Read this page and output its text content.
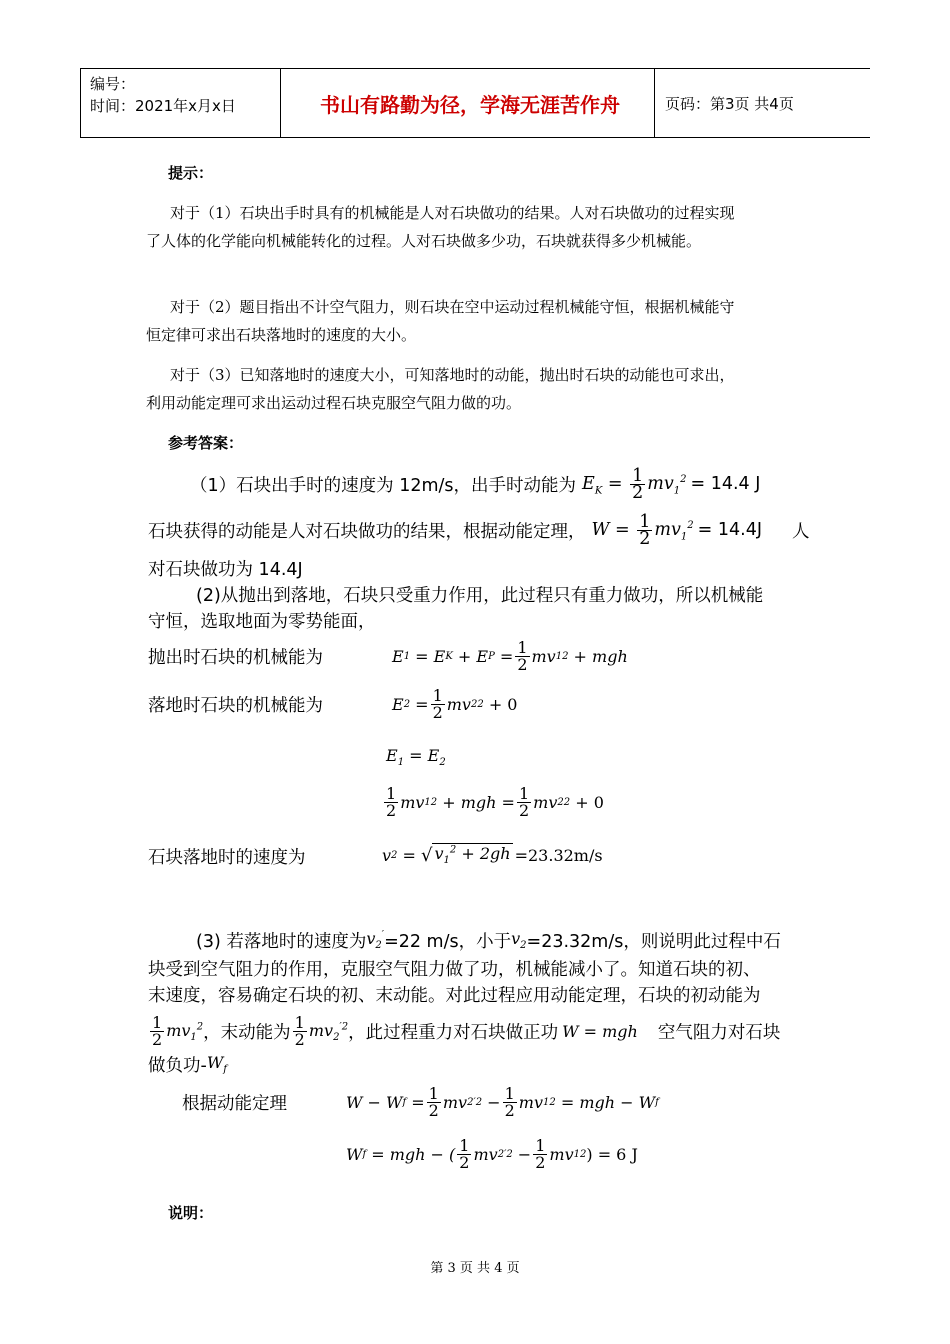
编号：
时间：2021年x月x日	书山有路勤为径，学海无涯苦作舟	页码：第3页 共4页
提示：
对于（1）石块出手时具有的机械能是人对石块做功的结果。人对石块做功的过程实现
了人体的化学能向机械能转化的过程。人对石块做多少功，石块就获得多少机械能。
对于（2）题目指出不计空气阻力，则石块在空中运动过程机械能守恒，根据机械能守
恒定律可求出石块落地时的速度的大小。
对于（3）已知落地时的速度大小，可知落地时的动能，抛出时石块的动能也可求出，
利用动能定理可求出运动过程石块克服空气阻力做的功。
参考答案：
（1）石块出手时的速度为 12m/s，出手时动能为 $E_K = \frac{1}{2} mv_1^2 = 14.4$ J
石块获得的动能是人对石块做功的结果，根据动能定理， $W = \frac{1}{2} mv_1^2 = 14.4J$ 人
对石块做功为 14.4J
(2)从抛出到落地，石块只受重力作用，此过程只有重力做功，所以机械能
守恒，选取地面为零势能面，
抛出时石块的机械能为	E 1 = E K + E $P = \frac{1}{2}$ mv 1 2 + mgh
落地时石块的机械能为	E $2 = \frac{1}{2}$ mv 2 2
+ 0
$E_1 = E_2$
$\frac{1}{2}$ mv 1 2 + mgh = $\frac{1}{2}$ mv 2 2
+ 0
石块落地时的速度为	v 2 = √ $v_1^2 + 2gh =23.32m/s$
(3) 若落地时的速度为 $v_2' =22$ m/s，小于 $v_2 =23.32m/s$，则说明此过程中石
块受到空气阻力的作用，克服空气阻力做了功，机械能减小了。知道石块的初、
末速度，容易确定石块的初、末动能。对此过程应用动能定理，石块的初动能为
$\frac{1}{2} mv_1^2$ ，末动能为 $\frac{1}{2} mv_2^{'2}$ ，此过程重力对石块做正功 W = mgh 空气阻力对石块
做负功- $W_f$
根据动能定理	W − W $f = \frac{1}{2}$ mv 2 $'2 - \frac{1}{2}$ mv 1 2 = mgh − W f
W f = mgh − ( $\frac{1}{2}$ mv 2 $'2 - \frac{1}{2}$ mv 1 2 ) = 6 J
说明：
第 3 页 共 4 页
